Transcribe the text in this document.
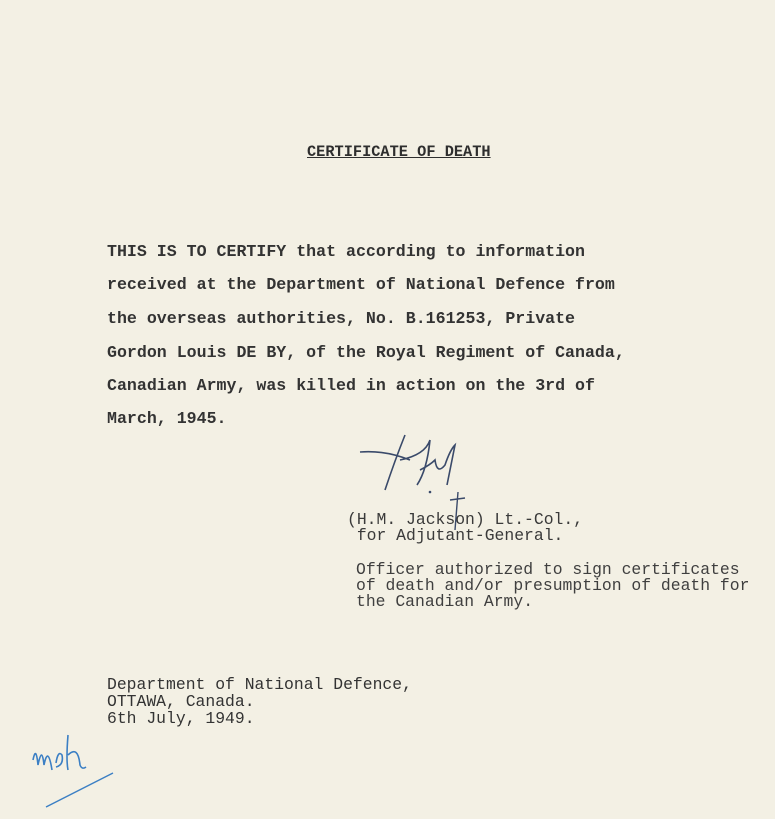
CERTIFICATE OF DEATH
THIS IS TO CERTIFY that according to information
received at the Department of National Defence from
the overseas authorities, No. B.161253, Private
Gordon Louis DE BY, of the Royal Regiment of Canada,
Canadian Army, was killed in action on the 3rd of
March, 1945.
(H.M. Jackson) Lt.-Col.,
for Adjutant-General.
Officer authorized to sign certificates
of death and/or presumption of death for
the Canadian Army.
Department of National Defence,
OTTAWA, Canada.
6th July, 1949.
